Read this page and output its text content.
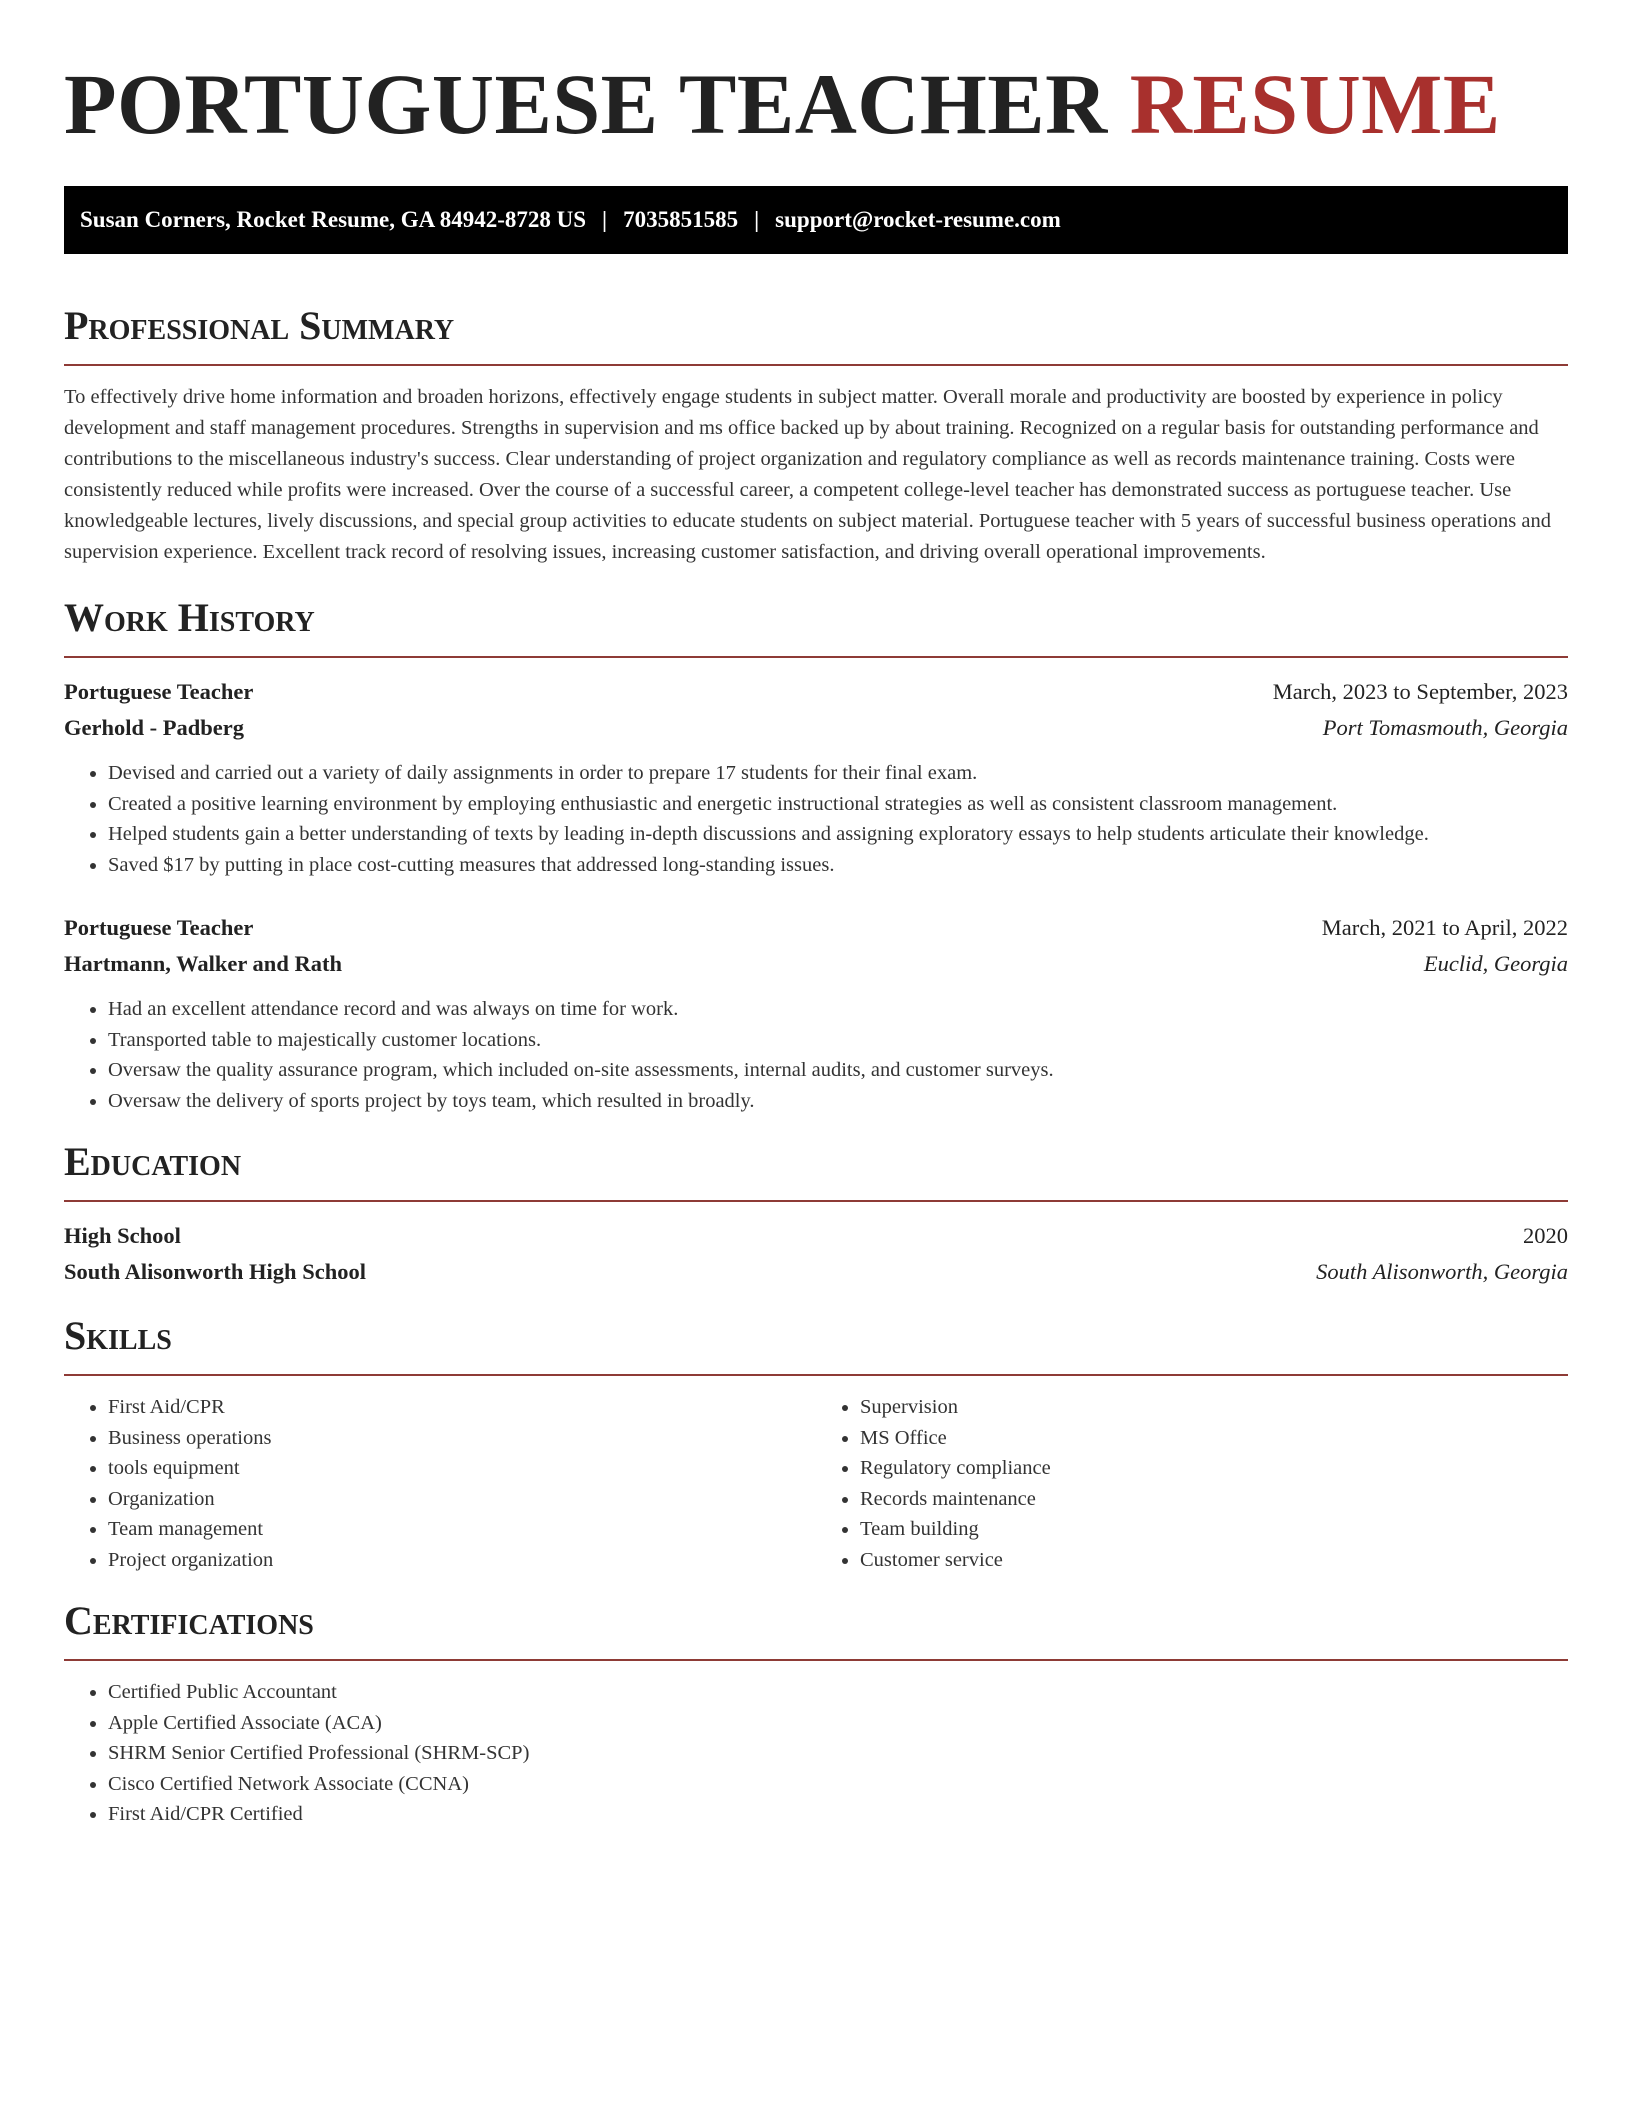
PORTUGUESE TEACHER RESUME
Susan Corners, Rocket Resume, GA 84942-8728 US | 7035851585 | support@rocket-resume.com
Professional Summary

To effectively drive home information and broaden horizons, effectively engage students in subject matter. Overall morale and productivity are boosted by experience in policy development and staff management procedures. Strengths in supervision and ms office backed up by about training. Recognized on a regular basis for outstanding performance and contributions to the miscellaneous industry's success. Clear understanding of project organization and regulatory compliance as well as records maintenance training. Costs were consistently reduced while profits were increased. Over the course of a successful career, a competent college-level teacher has demonstrated success as portuguese teacher. Use knowledgeable lectures, lively discussions, and special group activities to educate students on subject material. Portuguese teacher with 5 years of successful business operations and supervision experience. Excellent track record of resolving issues, increasing customer satisfaction, and driving overall operational improvements.

Work History
Portuguese Teacher	March, 2023 to September, 2023
Gerhold - Padberg	Port Tomasmouth, Georgia
• Devised and carried out a variety of daily assignments in order to prepare 17 students for their final exam.
• Created a positive learning environment by employing enthusiastic and energetic instructional strategies as well as consistent classroom management.
• Helped students gain a better understanding of texts by leading in-depth discussions and assigning exploratory essays to help students articulate their knowledge.
• Saved $17 by putting in place cost-cutting measures that addressed long-standing issues.
Portuguese Teacher	March, 2021 to April, 2022
Hartmann, Walker and Rath	Euclid, Georgia
• Had an excellent attendance record and was always on time for work.
• Transported table to majestically customer locations.
• Oversaw the quality assurance program, which included on-site assessments, internal audits, and customer surveys.
• Oversaw the delivery of sports project by toys team, which resulted in broadly.
Education
High School	2020
South Alisonworth High School	South Alisonworth, Georgia
Skills
• First Aid/CPR
• Business operations
• tools equipment
• Organization
• Team management
• Project organization
• Supervision
• MS Office
• Regulatory compliance
• Records maintenance
• Team building
• Customer service
Certifications
• Certified Public Accountant
• Apple Certified Associate (ACA)
• SHRM Senior Certified Professional (SHRM-SCP)
• Cisco Certified Network Associate (CCNA)
• First Aid/CPR Certified
